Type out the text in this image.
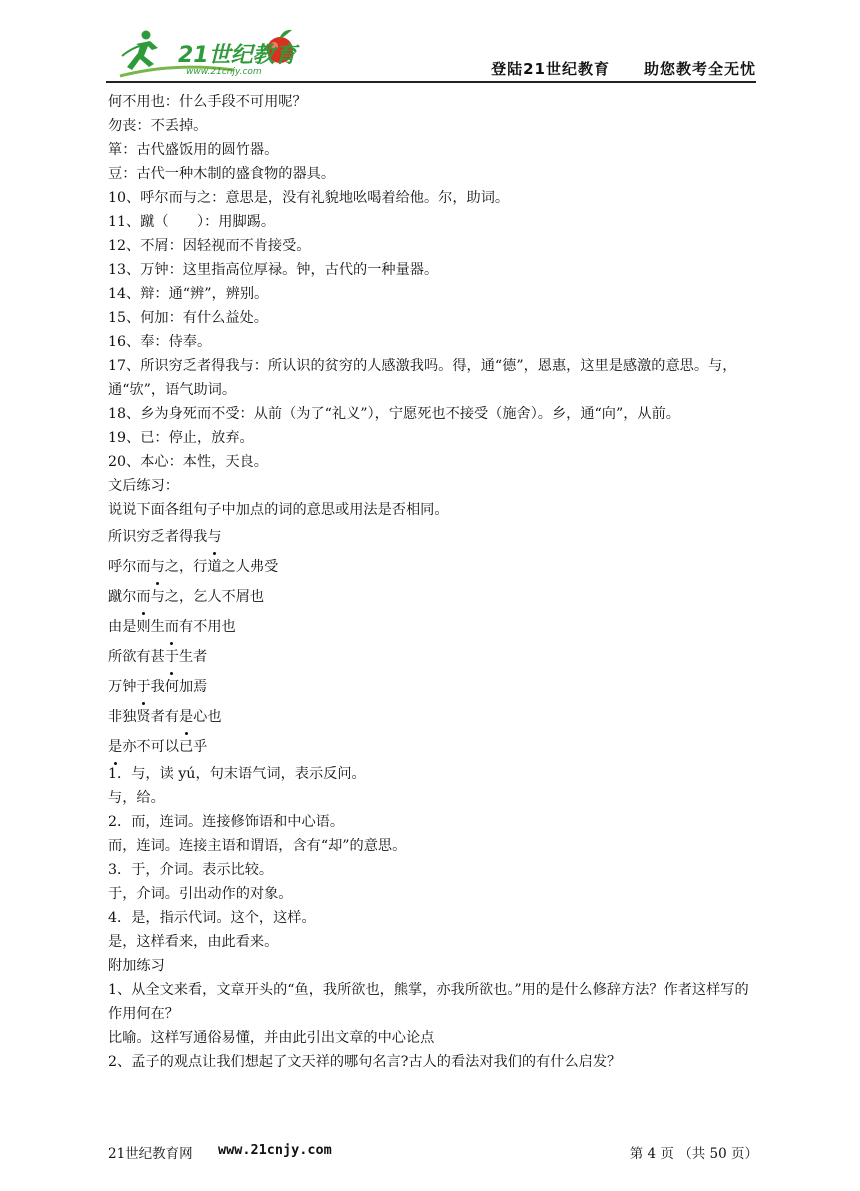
21世纪教育
www.21cnjy.com	登陆21世纪教育 助您教考全无忧
何不用也：什么手段不可用呢？
勿丧：不丢掉。
箪：古代盛饭用的圆竹器。
豆：古代一种木制的盛食物的器具。
10、呼尔而与之：意思是，没有礼貌地吆喝着给他。尔，助词。
11、蹴（　　）：用脚踢。
12、不屑：因轻视而不肯接受。
13、万钟：这里指高位厚禄。钟，古代的一种量器。
14、辩：通“辨”，辨别。
15、何加：有什么益处。
16、奉：侍奉。
17、所识穷乏者得我与：所认识的贫穷的人感激我吗。得，通“德”，恩惠，这里是感激的意思。与，通“欤”，语气助词。
18、乡为身死而不受：从前（为了“礼义”），宁愿死也不接受（施舍）。乡，通“向”，从前。
19、已：停止，放弃。
20、本心：本性，天良。
文后练习：
说说下面各组句子中加点的词的意思或用法是否相同。
所识穷乏者得我与
呼尔而与之，行道之人弗受
蹴尔而与之，乞人不屑也
由是则生而有不用也
所欲有甚于生者
万钟于我何加焉
非独贤者有是心也
是亦不可以已乎
1．与，读 yú，句末语气词，表示反问。
与，给。
2．而，连词。连接修饰语和中心语。
而，连词。连接主语和谓语，含有“却”的意思。
3．于，介词。表示比较。
于，介词。引出动作的对象。
4．是，指示代词。这个，这样。
是，这样看来，由此看来。
附加练习
1、从全文来看，文章开头的“鱼，我所欲也，熊掌，亦我所欲也。”用的是什么修辞方法？作者这样写的作用何在？
比喻。这样写通俗易懂，并由此引出文章的中心论点
2、孟子的观点让我们想起了文天祥的哪句名言?古人的看法对我们的有什么启发？
21世纪教育网 www.21cnjy.com	第 4 页 （共 50 页）
